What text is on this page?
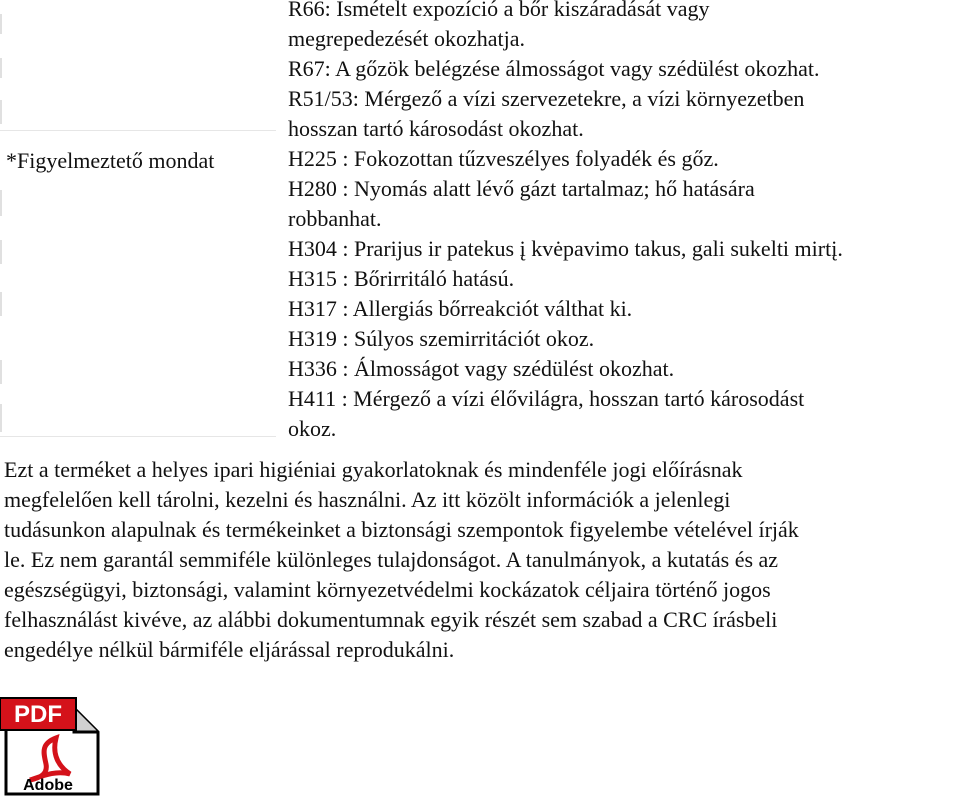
*Figyelmeztető mondat
R66: Ismételt expozíció a bőr kiszáradását vagy
megrepedezését okozhatja.
R67: A gőzök belégzése álmosságot vagy szédülést okozhat.
R51/53: Mérgező a vízi szervezetekre, a vízi környezetben
hosszan tartó károsodást okozhat.
H225 : Fokozottan tűzveszélyes folyadék és gőz.
H280 : Nyomás alatt lévő gázt tartalmaz; hő hatására
robbanhat.
H304 : Prarijus ir patekus į kvėpavimo takus, gali sukelti mirtį.
H315 : Bőrirritáló hatású.
H317 : Allergiás bőrreakciót válthat ki.
H319 : Súlyos szemirritációt okoz.
H336 : Álmosságot vagy szédülést okozhat.
H411 : Mérgező a vízi élővilágra, hosszan tartó károsodást
okoz.
Ezt a terméket a helyes ipari higiéniai gyakorlatoknak és mindenféle jogi előírásnak
megfelelően kell tárolni, kezelni és használni. Az itt közölt információk a jelenlegi
tudásunkon alapulnak és termékeinket a biztonsági szempontok figyelembe vételével írják
le. Ez nem garantál semmiféle különleges tulajdonságot. A tanulmányok, a kutatás és az
egészségügyi, biztonsági, valamint környezetvédelmi kockázatok céljaira történő jogos
felhasználást kivéve, az alábbi dokumentumnak egyik részét sem szabad a CRC írásbeli
engedélye nélkül bármiféle eljárással reprodukálni.
PDF
Adobe
